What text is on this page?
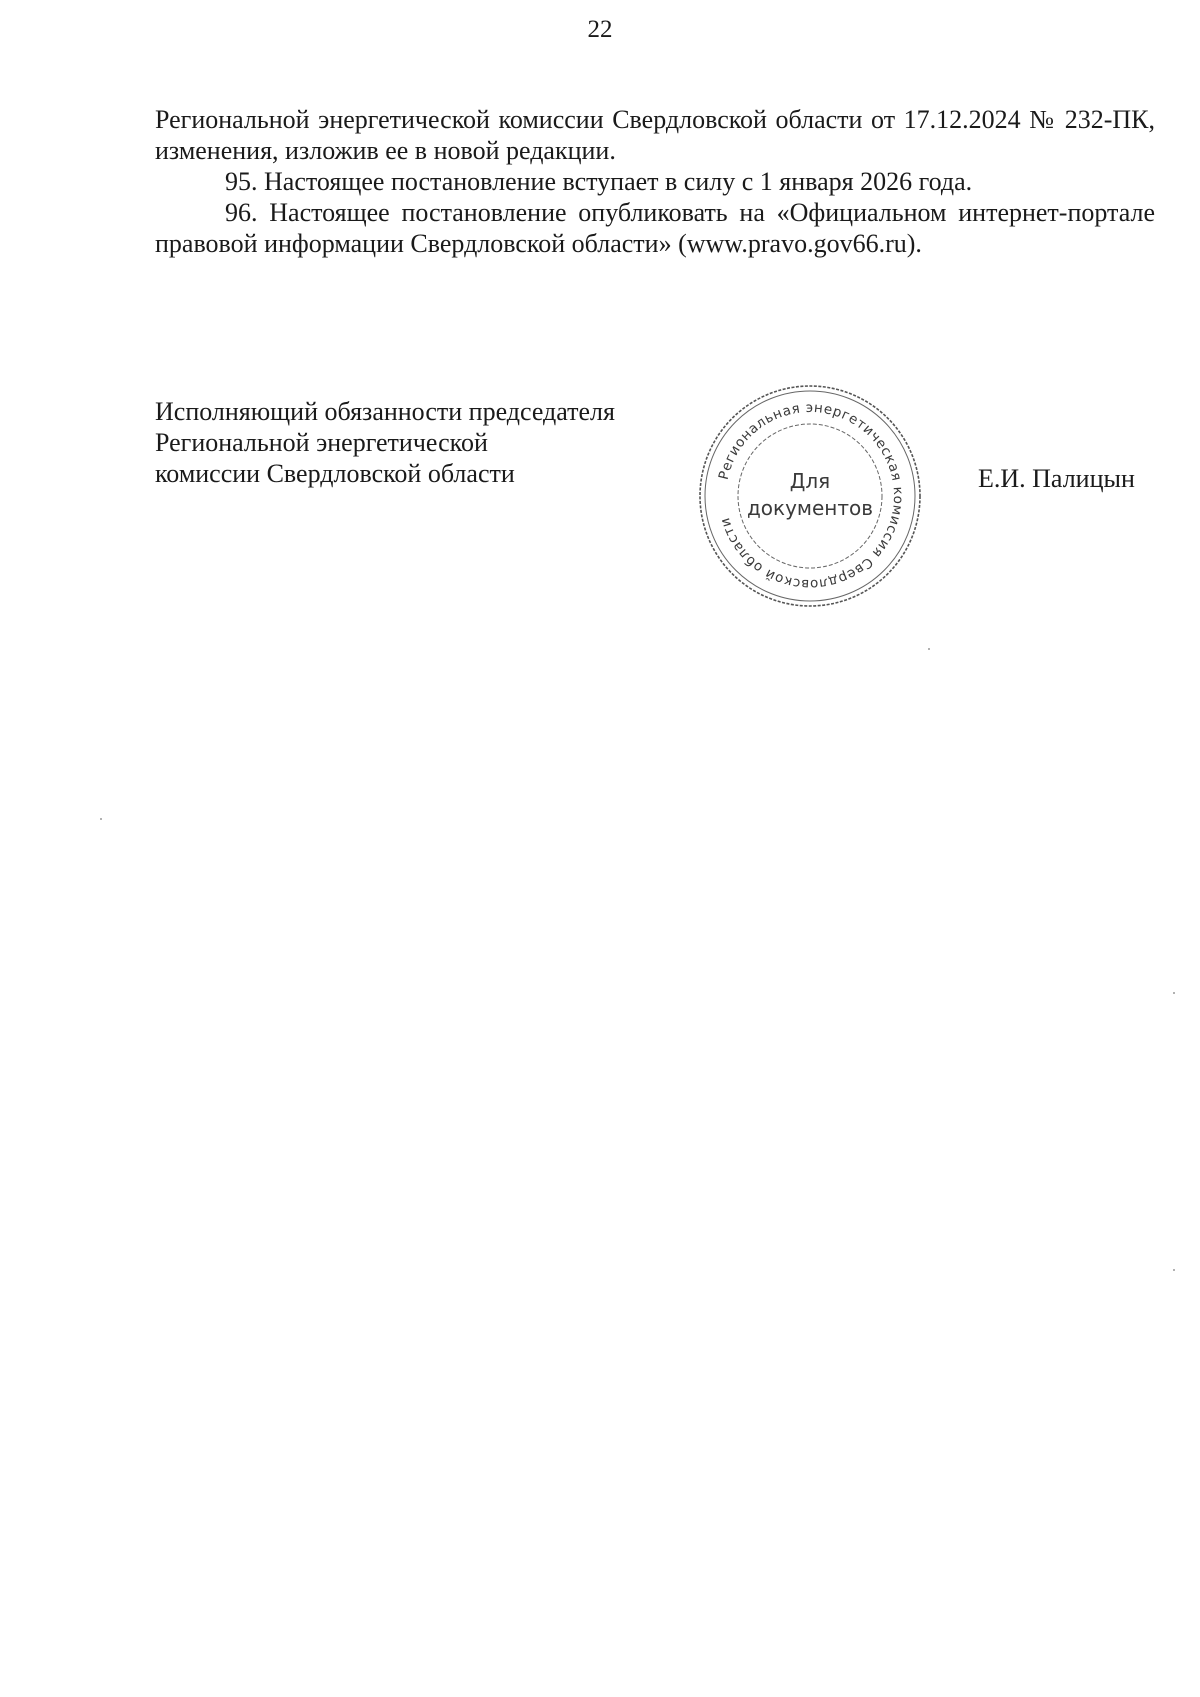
22

Региональной энергетической комиссии Свердловской области от 17.12.2024 № 232-ПК, изменения, изложив ее в новой редакции.

95. Настоящее постановление вступает в силу с 1 января 2026 года.

96. Настоящее постановление опубликовать на «Официальном интернет-портале правовой информации Свердловской области» (www.pravo.gov66.ru).

Исполняющий обязанности председателя
Региональной энергетической
комиссии Свердловской области	Региональная энергетическая комиссия Свердловской области
Для
документов
Е.И. Палицын
